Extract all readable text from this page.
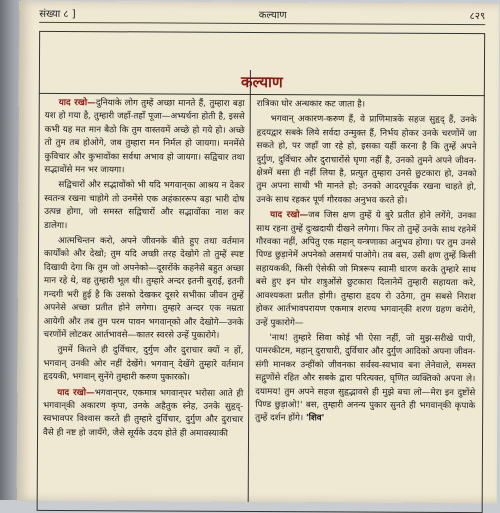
संख्या ८ ]	कल्याण	८२९
कल्याण

याद रखो—दुनियाके लोग तुम्हें अच्छा मानते हैं, तुम्हारा बड़ा यश हो गया है, तुम्हारी जहाँ-तहाँ पूजा—अभ्यर्थना होती है, इससे कभी यह मत मान बैठो कि तुम वास्तवमें अच्छे हो गये हो। अच्छे तो तुम तब होओगे, जब तुम्हारा मन निर्मल हो जायगा। मनमेंसे कुविचार और कुभावोंका सर्वथा अभाव हो जायगा। सद्विचार तथा सद्भावोंसे मन भर जायगा।

सद्विचारों और सद्भावोंको भी यदि भगवान्‌का आश्रय न देकर स्वतन्त्र रखना चाहोगे तो उनमेंसे एक अहंकाररूप बड़ा भारी दोष उत्पन्न होगा, जो समस्त सद्विचारों और सद्भावोंका नाश कर डालेगा।

आत्मचिन्तन करो, अपने जीवनके बीते हुए तथा वर्तमान कार्योंको और देखो; तुम यदि अच्छी तरह देखोगे तो तुम्हें स्पष्ट दिखायी देगा कि तुम जो अपनेको—दूसरोंके कहनेसे बहुत अच्छा मान रहे थे, वह तुम्हारी भूल थी। तुम्हारे अन्दर इतनी बुराई, इतनी गन्दगी भरी हुई है कि उसको देखकर दूसरे सभीका जीवन तुम्हें अपनेसे अच्छा प्रतीत होने लगेगा। तुम्हारे अन्दर एक नम्रता आयेगी और तब तुम परम पावन भगवान्‌को और देखोगे—उनके चरणोंमें लोटकर आर्तभावसे—कातर स्वरसे उन्हें पुकारोगे।

तुममें कितने ही दुर्विचार, दुर्गुण और दुराचार क्यों न हों, भगवान् उनकी ओर नहीं देखेंगे। भगवान् देखेंगे तुम्हारे वर्तमान हृदयकी, भगवान् सुनेंगे तुम्हारी करुण पुकारको।

याद रखो—भगवान्‌पर, एकमात्र भगवान्‌पर भरोसा आते ही भगवान्‌की अकारण कृपा, उनके अहैतुक स्नेह, उनके सुहृद्-स्वभावपर विश्वास करते ही तुम्हारे दुर्विचार, दुर्गुण और दुराचार वैसे ही नष्ट हो जायँगे, जैसे सूर्यके उदय होते ही अमावस्याकी

रात्रिका घोर अन्धकार कट जाता है।

भगवान् अकारण-करुण हैं, वे प्राणिमात्रके सहज सुहृद् हैं, उनके हृदयद्वार सबके लिये सर्वदा उन्मुक्त हैं, निर्भय होकर उनके चरणोंमें जा सकते हो, पर जहाँ जा रहे हो, इसका यहीं करना है कि तुम्हें अपने दुर्गुण, दुर्विचार और दुराचारोंसे घृणा नहीं है, उनको तुमने अपने जीवन-क्षेत्रमें बसा ही नहीं लिया है, प्रत्युत तुम्हारा उनसे छुटकारा हो, उनको तुम अपना साथी भी मानते हो; उनको आदरपूर्वक रखना चाहते हो, उनके साथ रहकर पूर्ण गौरवका अनुभव करते हो।

याद रखो—जब जिस क्षण तुम्हें ये बुरे प्रतीत होने लगेंगे, उनका साथ रहना तुम्हें दुःखदायी दीखने लगेगा। फिर तो तुम्हें उनके साथ रहनेमें गौरवका नहीं, अपितु एक महान् यन्त्रणाका अनुभव होगा। पर तुम उनसे पिण्ड छुड़ानेमें अपनेको असमर्थ पाओगे। तब बस, उसी क्षण तुम्हें किसी सहायककी, किसी ऐसेकी जो मित्ररूप स्वामी धारण करके तुम्हारे साथ बसे हुए इन घोर शत्रुओंसे छुटकारा दिलानेमें तुम्हारी सहायता करे, आवश्यकता प्रतीत होगी। तुम्हारा हृदय रो उठेगा, तुम सबसे निराश होकर आर्तभावपरायण एकमात्र शरण्य भगवान्‌की शरण ग्रहण करोगे, उन्हें पुकारोगे—

'नाथ! तुम्हारे सिवा कोई भी ऐसा नहीं, जो मुझ-सरीखे पापी, पामरकीटम, महान् दुराचारी, दुर्विचार और दुर्गुण आदिको अपना जीवन-संगी मानकर उन्हींको जीवनका सर्वस्व-स्वभाव बना लेनेवाले, समस्त सद्गुणोंसे रहित और सबके द्वारा परित्यक्त, घृणित व्यक्तिको अपना ले। दयामय! तुम अपने सहज सुहृद्भावसे ही मुझे बचा लो—मेरा इन दुष्टोंसे पिण्ड छुड़ाओ!' बस, तुम्हारी अनन्य पुकार सुनते ही भगवान्‌की कृपाके तुम्हें दर्शन होंगे। 'शिव'
